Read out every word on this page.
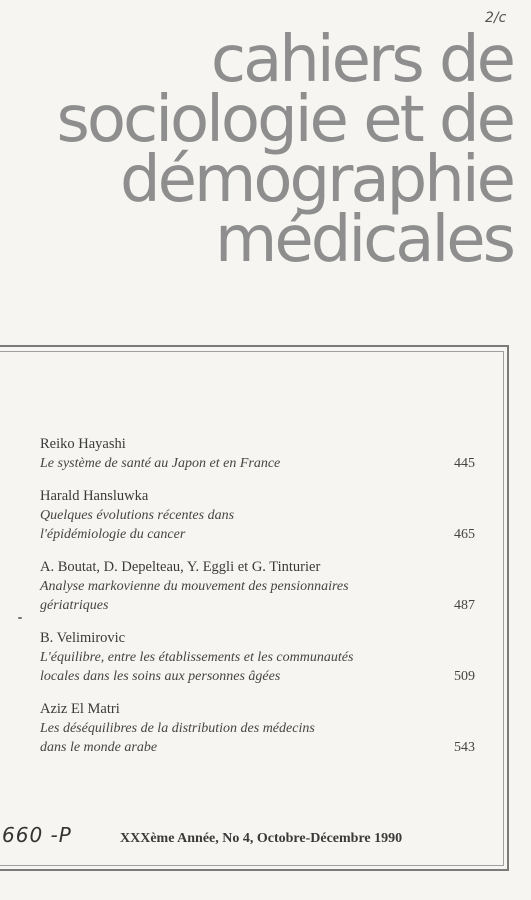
2/c
cahiers de
sociologie et de
démographie
médicales
Reiko Hayashi
Le système de santé au Japon et en France	445
Harald Hansluwka
Quelques évolutions récentes dans
l'épidémiologie du cancer	465
A. Boutat, D. Depelteau, Y. Eggli et G. Tinturier
Analyse markovienne du mouvement des pensionnaires
gériatriques	487
B. Velimirovic
L'équilibre, entre les établissements et les communautés
locales dans les soins aux personnes âgées	509
Aziz El Matri
Les déséquilibres de la distribution des médecins
dans le monde arabe	543
660 -P	XXXème Année, No 4, Octobre-Décembre 1990
